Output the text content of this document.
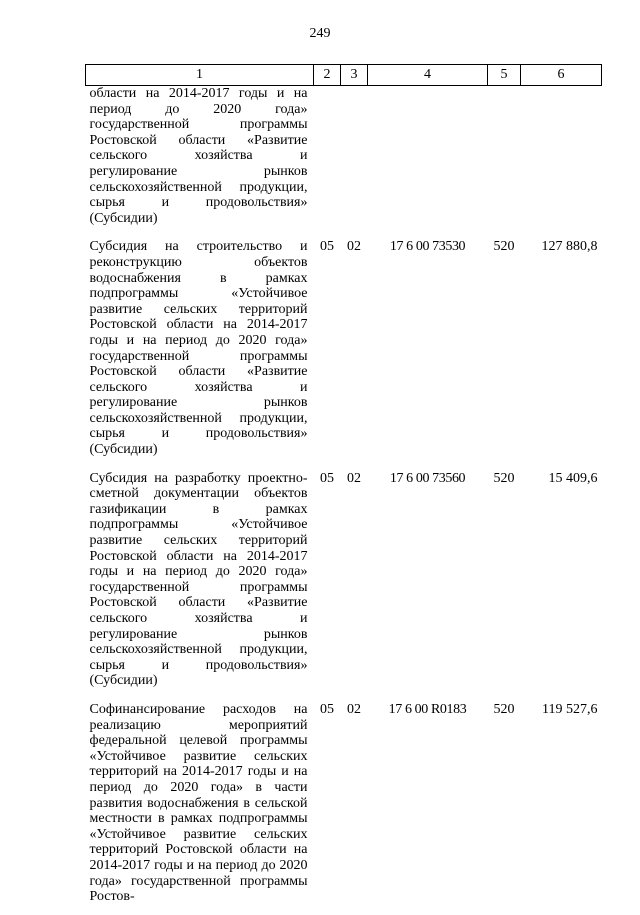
249
1	2	3	4	5	6
области на 2014-2017 годы и на период до 2020 года» государственной программы Ростовской области «Развитие сельского хозяйства и регулирование рынков сельскохозяйственной продукции, сырья и продовольствия» (Субсидии)					
Субсидия на строительство и реконструкцию объектов водоснабжения в рамках подпрограммы «Устойчивое развитие сельских территорий Ростовской области на 2014-2017 годы и на период до 2020 года» государственной программы Ростовской области «Развитие сельского хозяйства и регулирование рынков сельскохозяйственной продукции, сырья и продовольствия» (Субсидии)	05	02	17 6 00 73530	520	127 880,8
Субсидия на разработку проектно-сметной документации объектов газификации в рамках подпрограммы «Устойчивое развитие сельских территорий Ростовской области на 2014-2017 годы и на период до 2020 года» государственной программы Ростовской области «Развитие сельского хозяйства и регулирование рынков сельскохозяйственной продукции, сырья и продовольствия» (Субсидии)	05	02	17 6 00 73560	520	15 409,6
Софинансирование расходов на реализацию мероприятий федеральной целевой программы «Устойчивое развитие сельских территорий на 2014-2017 годы и на период до 2020 года» в части развития водоснабжения в сельской местности в рамках подпрограммы «Устойчивое развитие сельских территорий Ростовской области на 2014-2017 годы и на период до 2020 года» государственной программы Ростов-	05	02	17 6 00 R0183	520	119 527,6
